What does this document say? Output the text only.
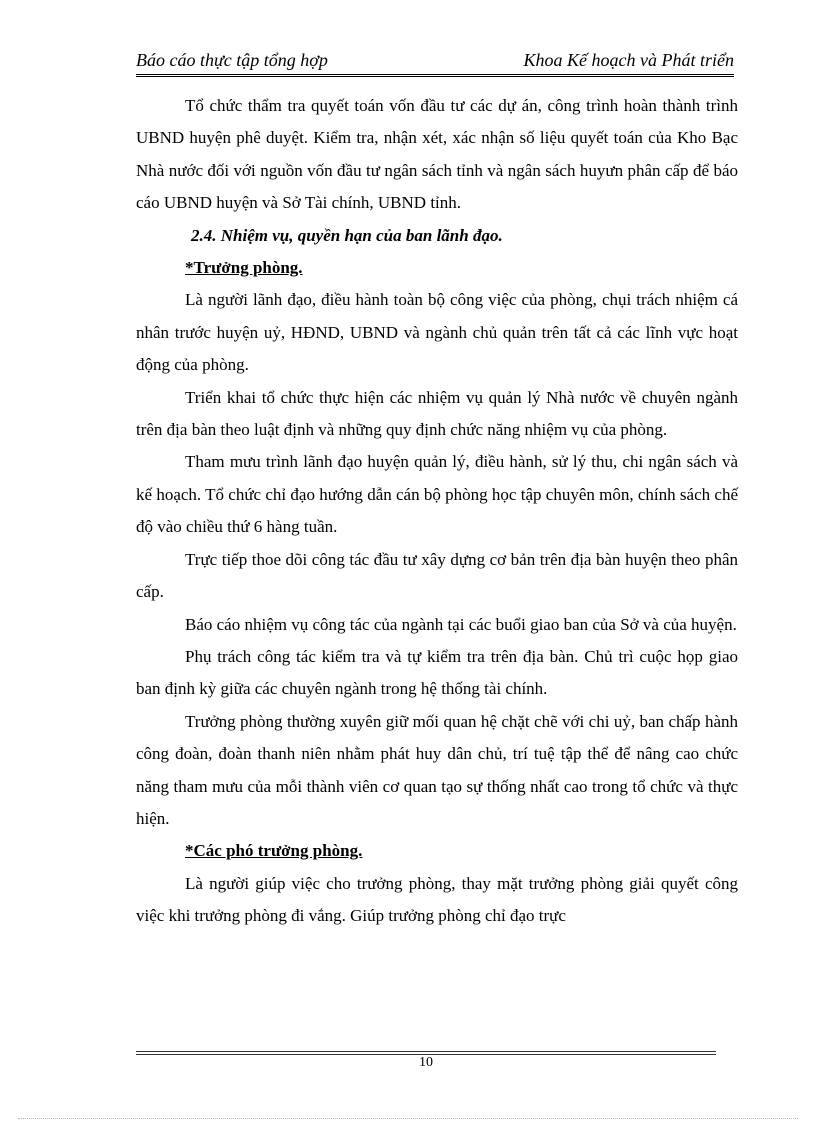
Báo cáo thực tập tổng hợp	Khoa Kế hoạch và Phát triển

Tổ chức thẩm tra quyết toán vốn đầu tư các dự án, công trình hoàn thành trình UBND huyện phê duyệt. Kiểm tra, nhận xét, xác nhận số liệu quyết toán của Kho Bạc Nhà nước đối với nguồn vốn đầu tư ngân sách tỉnh và ngân sách huyưn phân cấp để báo cáo UBND huyện và Sở Tài chính, UBND tỉnh.

2.4. Nhiệm vụ, quyền hạn của ban lãnh đạo.

*Trưởng phòng.

Là người lãnh đạo, điều hành toàn bộ công việc của phòng, chụi trách nhiệm cá nhân trước huyện uỷ, HĐND, UBND và ngành chủ quản trên tất cả các lĩnh vực hoạt động của phòng.

Triển khai tổ chức thực hiện các nhiệm vụ quản lý Nhà nước về chuyên ngành trên địa bàn theo luật định và những quy định chức năng nhiệm vụ của phòng.

Tham mưu trình lãnh đạo huyện quản lý, điều hành, sử lý thu, chi ngân sách và kế hoạch. Tổ chức chỉ đạo hướng dẫn cán bộ phòng học tập chuyên môn, chính sách chế độ vào chiều thứ 6 hàng tuần.

Trực tiếp thoe dõi công tác đầu tư xây dựng cơ bản trên địa bàn huyện theo phân cấp.

Báo cáo nhiệm vụ công tác của ngành tại các buổi giao ban của Sở và của huyện.

Phụ trách công tác kiểm tra và tự kiểm tra trên địa bàn. Chủ trì cuộc họp giao ban định kỳ giữa các chuyên ngành trong hệ thống tài chính.

Trưởng phòng thường xuyên giữ mối quan hệ chặt chẽ với chi uỷ, ban chấp hành công đoàn, đoàn thanh niên nhằm phát huy dân chủ, trí tuệ tập thể để nâng cao chức năng tham mưu của mỗi thành viên cơ quan tạo sự thống nhất cao trong tổ chức và thực hiện.

*Các phó trưởng phòng.

Là người giúp việc cho trưởng phòng, thay mặt trưởng phòng giải quyết công việc khi trưởng phòng đi vắng. Giúp trưởng phòng chỉ đạo trực

10
